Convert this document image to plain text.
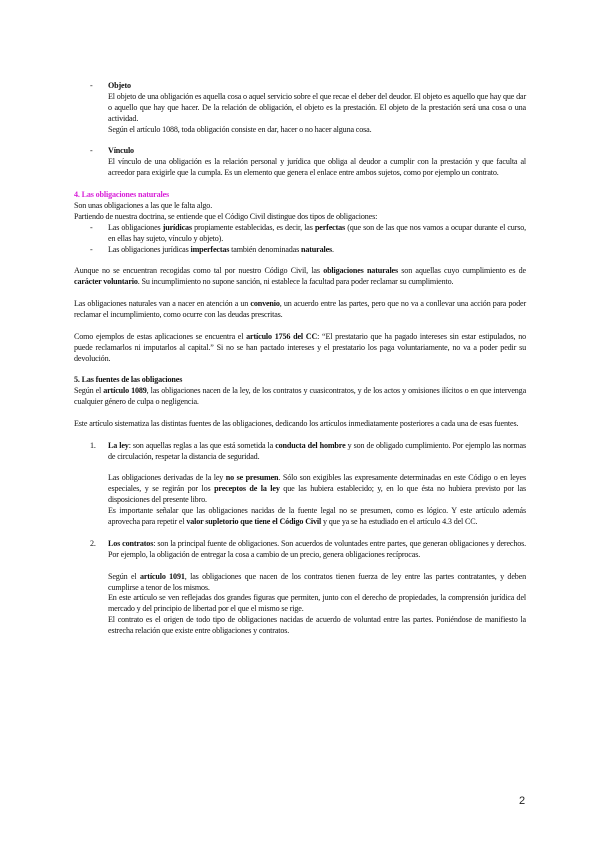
- Objeto

El objeto de una obligación es aquella cosa o aquel servicio sobre el que recae el deber del deudor. El objeto es aquello que hay que dar o aquello que hay que hacer. De la relación de obligación, el objeto es la prestación. El objeto de la prestación será una cosa o una actividad.

Según el artículo 1088, toda obligación consiste en dar, hacer o no hacer alguna cosa.

- Vínculo

El vínculo de una obligación es la relación personal y jurídica que obliga al deudor a cumplir con la prestación y que faculta al acreedor para exigirle que la cumpla. Es un elemento que genera el enlace entre ambos sujetos, como por ejemplo un contrato.

4. Las obligaciones naturales

Son unas obligaciones a las que le falta algo.

Partiendo de nuestra doctrina, se entiende que el Código Civil distingue dos tipos de obligaciones:

- Las obligaciones jurídicas propiamente establecidas, es decir, las perfectas (que son de las que nos vamos a ocupar durante el curso, en ellas hay sujeto, vínculo y objeto).

- Las obligaciones jurídicas imperfectas también denominadas naturales.

Aunque no se encuentran recogidas como tal por nuestro Código Civil, las obligaciones naturales son aquellas cuyo cumplimiento es de carácter voluntario. Su incumplimiento no supone sanción, ni establece la facultad para poder reclamar su cumplimiento.

Las obligaciones naturales van a nacer en atención a un convenio, un acuerdo entre las partes, pero que no va a conllevar una acción para poder reclamar el incumplimiento, como ocurre con las deudas prescritas.

Como ejemplos de estas aplicaciones se encuentra el artículo 1756 del CC: “El prestatario que ha pagado intereses sin estar estipulados, no puede reclamarlos ni imputarlos al capital.” Si no se han pactado intereses y el prestatario los paga voluntariamente, no va a poder pedir su devolución.

5. Las fuentes de las obligaciones

Según el artículo 1089, las obligaciones nacen de la ley, de los contratos y cuasicontratos, y de los actos y omisiones ilícitos o en que intervenga cualquier género de culpa o negligencia.

Este artículo sistematiza las distintas fuentes de las obligaciones, dedicando los artículos inmediatamente posteriores a cada una de esas fuentes.

1. La ley: son aquellas reglas a las que está sometida la conducta del hombre y son de obligado cumplimiento. Por ejemplo las normas de circulación, respetar la distancia de seguridad.

Las obligaciones derivadas de la ley no se presumen. Sólo son exigibles las expresamente determinadas en este Código o en leyes especiales, y se regirán por los preceptos de la ley que las hubiera establecido; y, en lo que ésta no hubiera previsto por las disposiciones del presente libro.

Es importante señalar que las obligaciones nacidas de la fuente legal no se presumen, como es lógico. Y este artículo además aprovecha para repetir el valor supletorio que tiene el Código Civil y que ya se ha estudiado en el artículo 4.3 del CC.

2. Los contratos: son la principal fuente de obligaciones. Son acuerdos de voluntades entre partes, que generan obligaciones y derechos. Por ejemplo, la obligación de entregar la cosa a cambio de un precio, genera obligaciones recíprocas.

Según el artículo 1091, las obligaciones que nacen de los contratos tienen fuerza de ley entre las partes contratantes, y deben cumplirse a tenor de los mismos.

En este artículo se ven reflejadas dos grandes figuras que permiten, junto con el derecho de propiedades, la comprensión jurídica del mercado y del principio de libertad por el que el mismo se rige.

El contrato es el origen de todo tipo de obligaciones nacidas de acuerdo de voluntad entre las partes. Poniéndose de manifiesto la estrecha relación que existe entre obligaciones y contratos.

2
